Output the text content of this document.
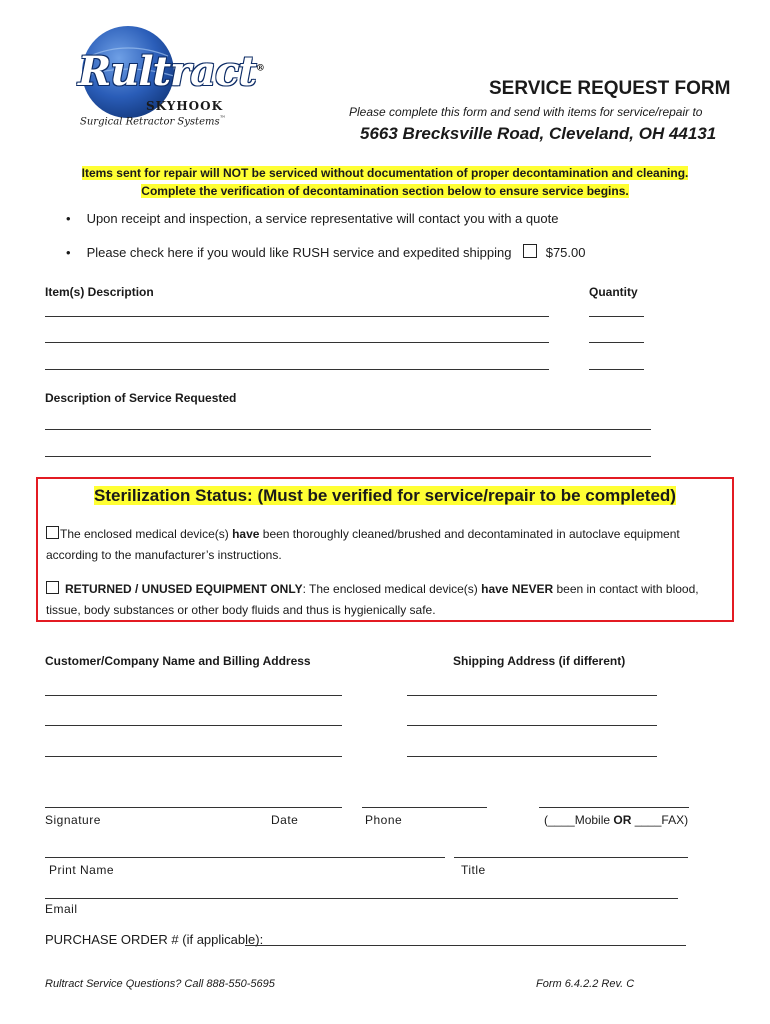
Rultract®
SKYHOOK
Surgical Retractor Systems™
SERVICE REQUEST FORM
Please complete this form and send with items for service/repair to
5663 Brecksville Road, Cleveland, OH 44131
Items sent for repair will NOT be serviced without documentation of proper decontamination and cleaning.
Complete the verification of decontamination section below to ensure service begins.
• Upon receipt and inspection, a service representative will contact you with a quote
• Please check here if you would like RUSH service and expedited shipping	$75.00
Item(s) Description	Quantity
Description of Service Requested
Sterilization Status: (Must be verified for service/repair to be completed)
The enclosed medical device(s) have been thoroughly cleaned/brushed and decontaminated in autoclave equipment
according to the manufacturer’s instructions.
RETURNED / UNUSED EQUIPMENT ONLY: The enclosed medical device(s) have NEVER been in contact with blood,
tissue, body substances or other body fluids and thus is hygienically safe.
Customer/Company Name and Billing Address	Shipping Address (if different)
Signature	Date	Phone	(____Mobile OR ____FAX)
Print Name	Title
Email
PURCHASE ORDER # (if applicable):
Rultract Service Questions? Call 888-550-5695	Form 6.4.2.2 Rev. C
